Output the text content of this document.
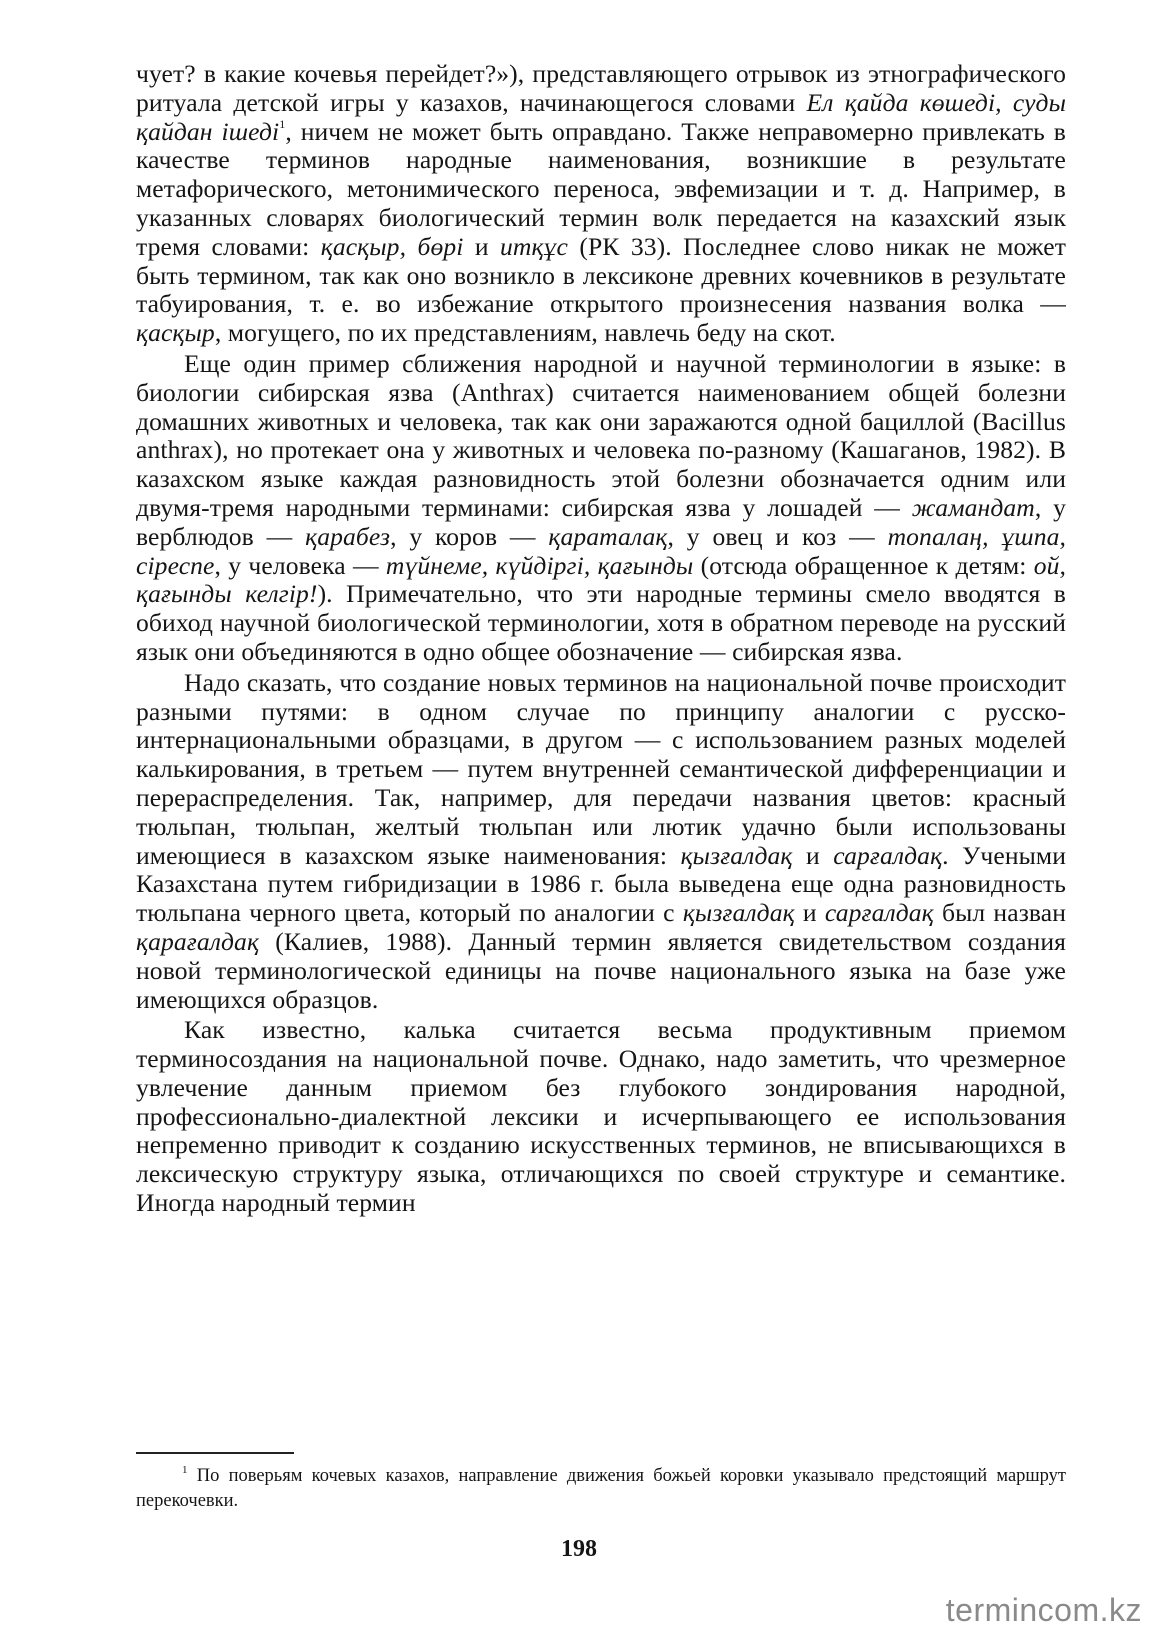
чует? в какие кочевья перейдет?»), представляющего отрывок из этнографического ритуала детской игры у казахов, начинающегося словами Ел қайда көшеді, суды қайдан ішеді$^1$, ничем не может быть оправдано. Также неправомерно привлекать в качестве терминов народные наименования, возникшие в результате метафорического, метонимического переноса, эвфемизации и т. д. Например, в указанных словарях биологический термин волк передается на казахский язык тремя словами: қасқыр, бөрі и итқұс (РК 33). Последнее слово никак не может быть термином, так как оно возникло в лексиконе древних кочевников в результате табуирования, т. е. во избежание открытого произнесения названия волка — қасқыр, могущего, по их представлениям, навлечь беду на скот.

Еще один пример сближения народной и научной терминологии в языке: в биологии сибирская язва (Anthrax) считается наименованием общей болезни домашних животных и человека, так как они заражаются одной бациллой (Bacillus anthrax), но протекает она у животных и человека по-разному (Кашаганов, 1982). В казахском языке каждая разновидность этой болезни обозначается одним или двумя-тремя народными терминами: сибирская язва у лошадей — жамандат, у верблюдов — қарабез, у коров — қараталақ, у овец и коз — топалаң, ұшпа, сіреспе, у человека — түйнеме, күйдіргі, қағынды (отсюда обращенное к детям: ой, қағынды келгір!). Примечательно, что эти народные термины смело вводятся в обиход научной биологической терминологии, хотя в обратном переводе на русский язык они объединяются в одно общее обозначение — сибирская язва.

Надо сказать, что создание новых терминов на национальной почве происходит разными путями: в одном случае по принципу аналогии с русско-интернациональными образцами, в другом — с использованием разных моделей калькирования, в третьем — путем внутренней семантической дифференциации и перераспределения. Так, например, для передачи названия цветов: красный тюльпан, тюльпан, желтый тюльпан или лютик удачно были использованы имеющиеся в казахском языке наименования: қызғалдақ и сарғалдақ. Учеными Казахстана путем гибридизации в 1986 г. была выведена еще одна разновидность тюльпана черного цвета, который по аналогии с қызғалдақ и сарғалдақ был назван қарағалдақ (Калиев, 1988). Данный термин является свидетельством создания новой терминологической единицы на почве национального языка на базе уже имеющихся образцов.

Как известно, калька считается весьма продуктивным приемом терминосоздания на национальной почве. Однако, надо заметить, что чрезмерное увлечение данным приемом без глубокого зондирования народной, профессионально-диалектной лексики и исчерпывающего ее использования непременно приводит к созданию искусственных терминов, не вписывающихся в лексическую структуру языка, отличающихся по своей структуре и семантике. Иногда народный термин

$^1$ По поверьям кочевых казахов, направление движения божьей коровки указывало предстоящий маршрут перекочевки.

198
termincom.kz
